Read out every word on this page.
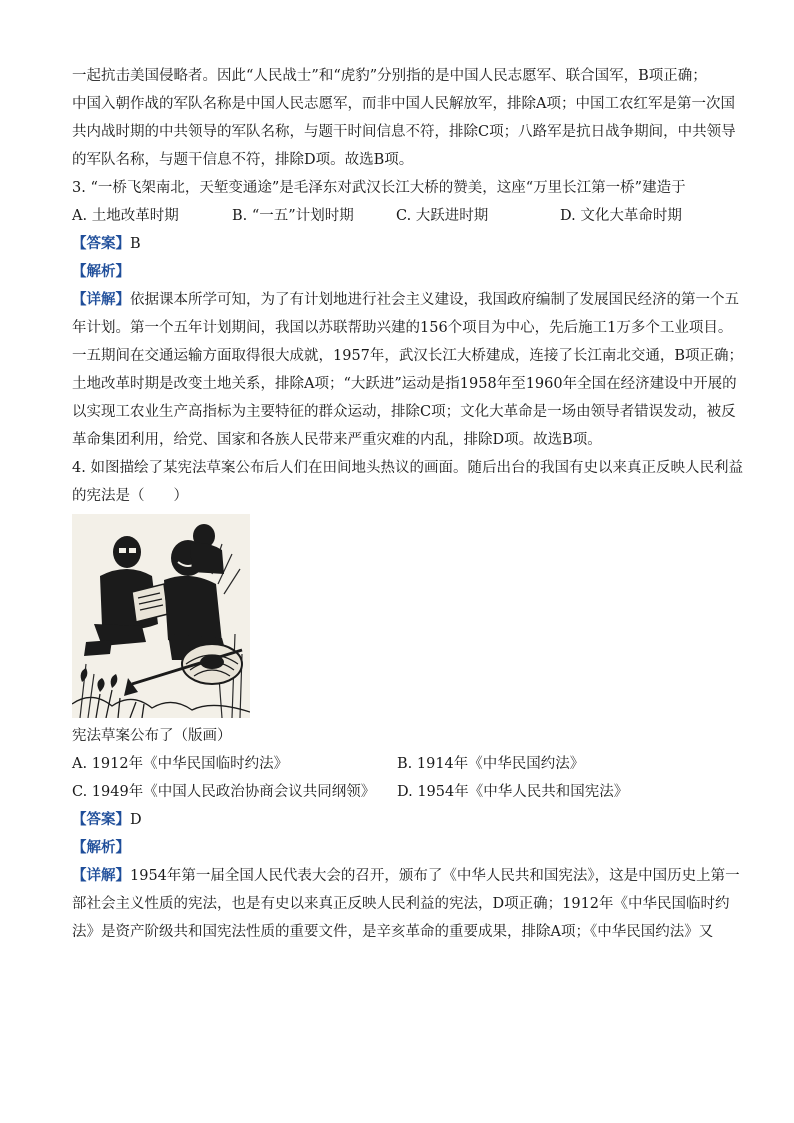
一起抗击美国侵略者。因此“人民战士”和“虎豹”分别指的是中国人民志愿军、联合国军，B项正确；
中国入朝作战的军队名称是中国人民志愿军，而非中国人民解放军，排除A项；中国工农红军是第一次国
共内战时期的中共领导的军队名称，与题干时间信息不符，排除C项；八路军是抗日战争期间，中共领导
的军队名称，与题干信息不符，排除D项。故选B项。
3. “一桥飞架南北，天堑变通途”是毛泽东对武汉长江大桥的赞美，这座“万里长江第一桥”建造于
A. 土地改革时期	B. “一五”计划时期	C. 大跃进时期	D. 文化大革命时期
【答案】B
【解析】
【详解】依据课本所学可知，为了有计划地进行社会主义建设，我国政府编制了发展国民经济的第一个五
年计划。第一个五年计划期间，我国以苏联帮助兴建的156个项目为中心，先后施工1万多个工业项目。
一五期间在交通运输方面取得很大成就，1957年，武汉长江大桥建成，连接了长江南北交通，B项正确；
土地改革时期是改变土地关系，排除A项；“大跃进”运动是指1958年至1960年全国在经济建设中开展的
以实现工农业生产高指标为主要特征的群众运动，排除C项；文化大革命是一场由领导者错误发动，被反
革命集团利用，给党、国家和各族人民带来严重灾难的内乱，排除D项。故选B项。
4. 如图描绘了某宪法草案公布后人们在田间地头热议的画面。随后出台的我国有史以来真正反映人民利益
的宪法是（　　）
宪法草案公布了（版画）
A. 1912年《中华民国临时约法》	B. 1914年《中华民国约法》
C. 1949年《中国人民政治协商会议共同纲领》	D. 1954年《中华人民共和国宪法》
【答案】D
【解析】
【详解】1954年第一届全国人民代表大会的召开，颁布了《中华人民共和国宪法》，这是中国历史上第一
部社会主义性质的宪法，也是有史以来真正反映人民利益的宪法，D项正确；1912年《中华民国临时约
法》是资产阶级共和国宪法性质的重要文件，是辛亥革命的重要成果，排除A项；《中华民国约法》又
